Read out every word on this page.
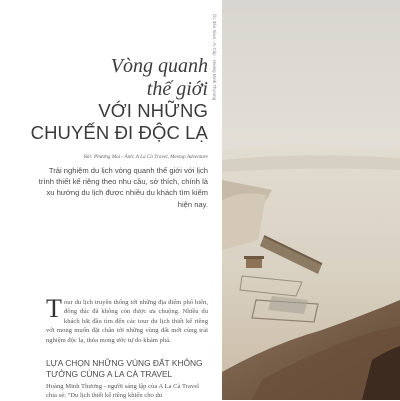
Vòng quanh

thế giới

VỚI NHỮNG

CHUYẾN ĐI ĐỘC LẠ

Bài: Phương Mai - Ảnh: A La Cà Travel, Meetup Adventure

Trải nghiệm du lịch vòng quanh thế giới với lịch trình thiết kế riêng theo nhu cầu, sở thích, chính là xu hướng du lịch được nhiều du khách tìm kiếm hiện nay.

Tour du lịch truyền thống tới những địa điểm phổ biến, đông đúc đã không còn được ưa chuộng. Nhiều du khách bắt đầu tìm đến các tour du lịch thiết kế riêng với mong muốn đặt chân tới những vùng đất mới cùng trải nghiệm độc lạ, thỏa mong ước tự do khám phá.

LỰA CHỌN NHỮNG VÙNG ĐẤT KHÔNG TƯỞNG CÙNG A LA CÀ TRAVEL

Hoàng Minh Thương - người sáng lập của A La Cà Travel chia sẻ: "Du lịch thiết kế riêng khiến cho du

Ốc đảo Siwa - Ai Cập - Hoàng Minh Thương
